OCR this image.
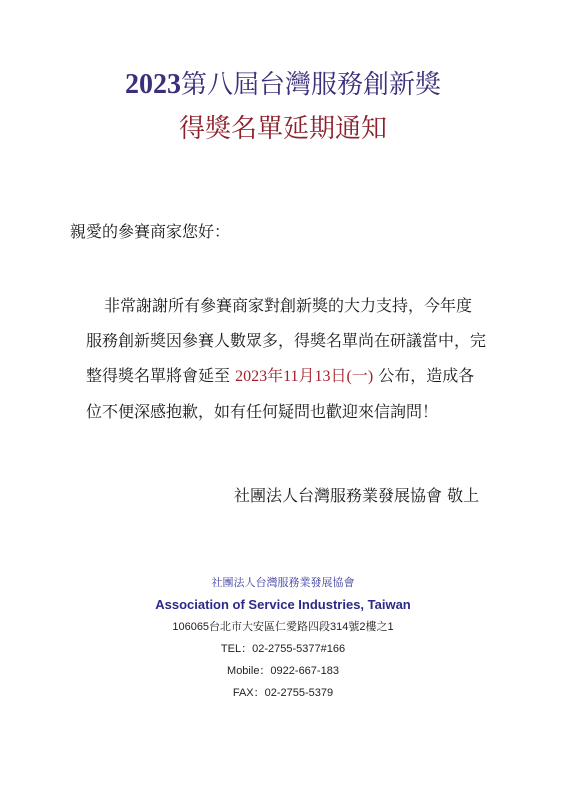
2023第八屆台灣服務創新獎
得獎名單延期通知
親愛的參賽商家您好：
非常謝謝所有參賽商家對創新獎的大力支持，今年度
服務創新獎因參賽人數眾多，得獎名單尚在研議當中，完
整得獎名單將會延至 2023年11月13日(一) 公布，造成各
位不便深感抱歉，如有任何疑問也歡迎來信詢問！
社團法人台灣服務業發展協會 敬上
社團法人台灣服務業發展協會
Association of Service Industries, Taiwan
106065台北市大安區仁愛路四段314號2樓之1
TEL：02-2755-5377#166
Mobile：0922-667-183
FAX：02-2755-5379
